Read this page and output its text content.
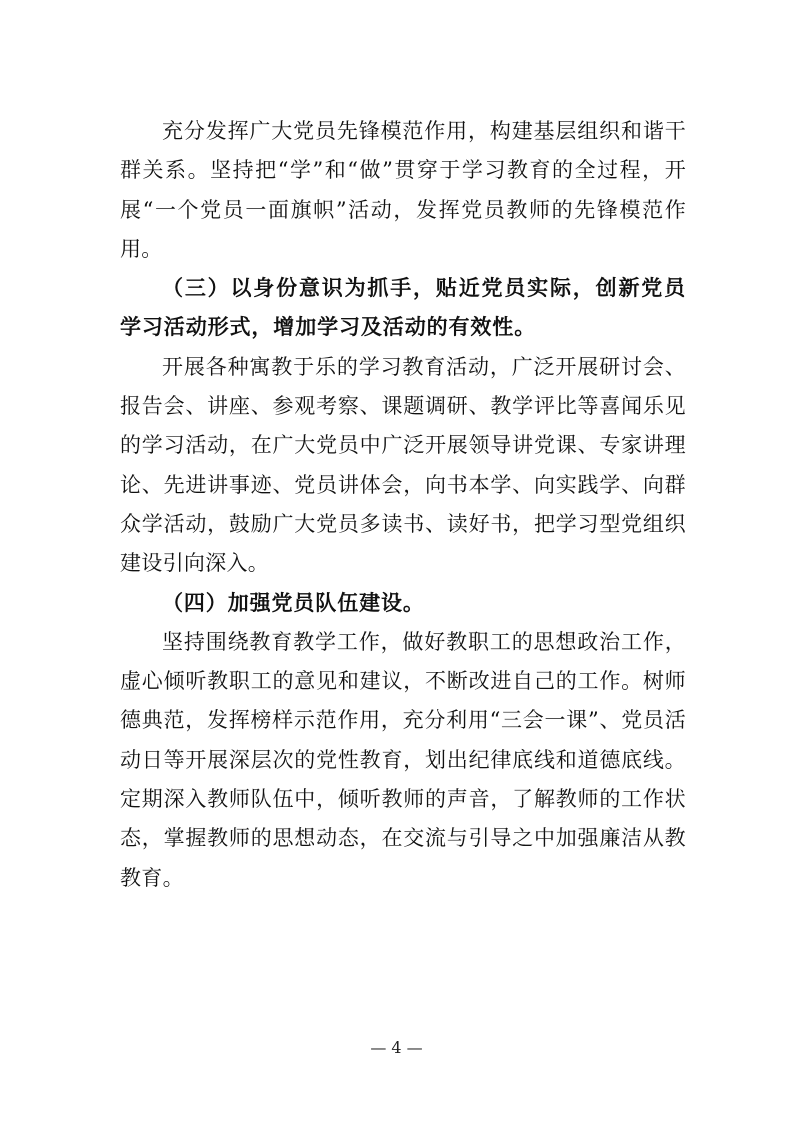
充分发挥广大党员先锋模范作用，构建基层组织和谐干群关系。坚持把“学”和“做”贯穿于学习教育的全过程，开展“一个党员一面旗帜”活动，发挥党员教师的先锋模范作用。

（三）以身份意识为抓手，贴近党员实际，创新党员学习活动形式，增加学习及活动的有效性。

开展各种寓教于乐的学习教育活动，广泛开展研讨会、报告会、讲座、参观考察、课题调研、教学评比等喜闻乐见的学习活动，在广大党员中广泛开展领导讲党课、专家讲理论、先进讲事迹、党员讲体会，向书本学、向实践学、向群众学活动，鼓励广大党员多读书、读好书，把学习型党组织建设引向深入。

（四）加强党员队伍建设。

坚持围绕教育教学工作，做好教职工的思想政治工作，虚心倾听教职工的意见和建议，不断改进自己的工作。树师德典范，发挥榜样示范作用，充分利用“三会一课”、党员活动日等开展深层次的党性教育，划出纪律底线和道德底线。定期深入教师队伍中，倾听教师的声音，了解教师的工作状态，掌握教师的思想动态，在交流与引导之中加强廉洁从教教育。

— 4 —
